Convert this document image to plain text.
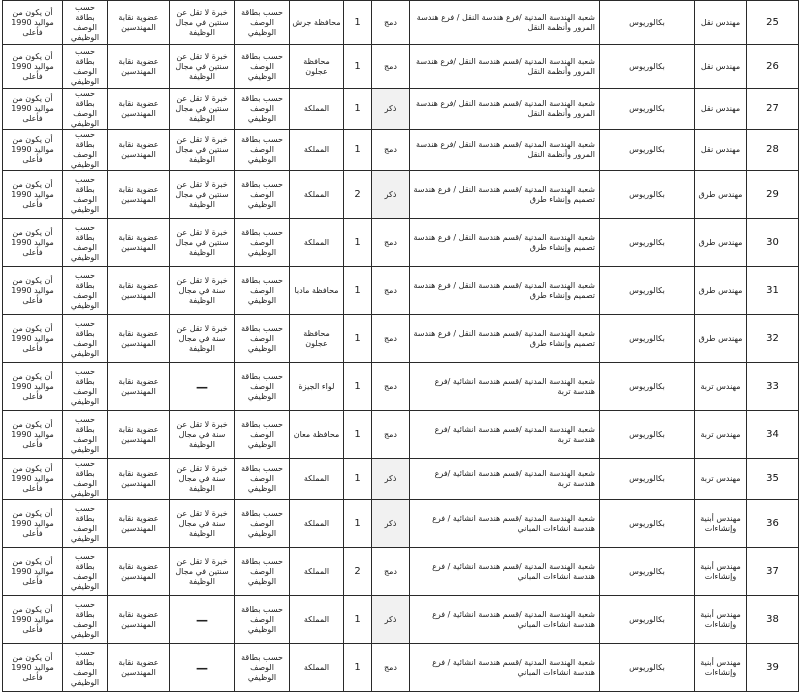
25	مهندس نقل	بكالوريوس	شعبة الهندسة المدنية /فرع هندسة النقل / فرع هندسة المرور وأنظمة النقل	دمج	1	محافظة جرش	حسب بطاقة الوصف الوظيفي	خبرة لا تقل عن سنتين في مجال الوظيفة	عضوية نقابة المهندسين	حسب بطاقة الوصف الوظيفي	أن يكون من مواليد 1990 فأعلى
26	مهندس نقل	بكالوريوس	شعبة الهندسة المدنية /قسم هندسة النقل /فرع هندسة المرور وأنظمة النقل	دمج	1	محافظة عجلون	حسب بطاقة الوصف الوظيفي	خبرة لا تقل عن سنتين في مجال الوظيفة	عضوية نقابة المهندسين	حسب بطاقة الوصف الوظيفي	أن يكون من مواليد 1990 فأعلى
27	مهندس نقل	بكالوريوس	شعبة الهندسة المدنية /قسم هندسة النقل /فرع هندسة المرور وأنظمة النقل	ذكر	1	المملكة	حسب بطاقة الوصف الوظيفي	خبرة لا تقل عن سنتين في مجال الوظيفة	عضوية نقابة المهندسين	حسب بطاقة الوصف الوظيفي	أن يكون من مواليد 1990 فأعلى
28	مهندس نقل	بكالوريوس	شعبة الهندسة المدنية /قسم هندسة النقل /فرع هندسة المرور وأنظمة النقل	دمج	1	المملكة	حسب بطاقة الوصف الوظيفي	خبرة لا تقل عن سنتين في مجال الوظيفة	عضوية نقابة المهندسين	حسب بطاقة الوصف الوظيفي	أن يكون من مواليد 1990 فأعلى
29	مهندس طرق	بكالوريوس	شعبة الهندسة المدنية /قسم هندسة النقل / فرع هندسة تصميم وإنشاء طرق	ذكر	2	المملكة	حسب بطاقة الوصف الوظيفي	خبرة لا تقل عن سنتين في مجال الوظيفة	عضوية نقابة المهندسين	حسب بطاقة الوصف الوظيفي	أن يكون من مواليد 1990 فأعلى
30	مهندس طرق	بكالوريوس	شعبة الهندسة المدنية /قسم هندسة النقل / فرع هندسة تصميم وإنشاء طرق	دمج	1	المملكة	حسب بطاقة الوصف الوظيفي	خبرة لا تقل عن سنتين في مجال الوظيفة	عضوية نقابة المهندسين	حسب بطاقة الوصف الوظيفي	أن يكون من مواليد 1990 فأعلى
31	مهندس طرق	بكالوريوس	شعبة الهندسة المدنية /قسم هندسة النقل / فرع هندسة تصميم وإنشاء طرق	دمج	1	محافظة مادبا	حسب بطاقة الوصف الوظيفي	خبرة لا تقل عن سنة في مجال الوظيفة	عضوية نقابة المهندسين	حسب بطاقة الوصف الوظيفي	أن يكون من مواليد 1990 فأعلى
32	مهندس طرق	بكالوريوس	شعبة الهندسة المدنية /قسم هندسة النقل / فرع هندسة تصميم وإنشاء طرق	دمج	1	محافظة عجلون	حسب بطاقة الوصف الوظيفي	خبرة لا تقل عن سنة في مجال الوظيفة	عضوية نقابة المهندسين	حسب بطاقة الوصف الوظيفي	أن يكون من مواليد 1990 فأعلى
33	مهندس تربة	بكالوريوس	شعبة الهندسة المدنية /قسم هندسة انشائية /فرع هندسة تربة	دمج	1	لواء الجيزة	حسب بطاقة الوصف الوظيفي	—	عضوية نقابة المهندسين	حسب بطاقة الوصف الوظيفي	أن يكون من مواليد 1990 فأعلى
34	مهندس تربة	بكالوريوس	شعبة الهندسة المدنية /قسم هندسة انشائية /فرع هندسة تربة	دمج	1	محافظة معان	حسب بطاقة الوصف الوظيفي	خبرة لا تقل عن سنة في مجال الوظيفة	عضوية نقابة المهندسين	حسب بطاقة الوصف الوظيفي	أن يكون من مواليد 1990 فأعلى
35	مهندس تربة	بكالوريوس	شعبة الهندسة المدنية /قسم هندسة انشائية /فرع هندسة تربة	ذكر	1	المملكة	حسب بطاقة الوصف الوظيفي	خبرة لا تقل عن سنة في مجال الوظيفة	عضوية نقابة المهندسين	حسب بطاقة الوصف الوظيفي	أن يكون من مواليد 1990 فأعلى
36	مهندس أبنية وإنشاءات	بكالوريوس	شعبة الهندسة المدنية /قسم هندسة انشائية / فرع هندسة انشاءات المباني	ذكر	1	المملكة	حسب بطاقة الوصف الوظيفي	خبرة لا تقل عن سنة في مجال الوظيفة	عضوية نقابة المهندسين	حسب بطاقة الوصف الوظيفي	أن يكون من مواليد 1990 فأعلى
37	مهندس أبنية وإنشاءات	بكالوريوس	شعبة الهندسة المدنية /قسم هندسة انشائية / فرع هندسة انشاءات المباني	دمج	2	المملكة	حسب بطاقة الوصف الوظيفي	خبرة لا تقل عن سنتين في مجال الوظيفة	عضوية نقابة المهندسين	حسب بطاقة الوصف الوظيفي	أن يكون من مواليد 1990 فأعلى
38	مهندس أبنية وإنشاءات	بكالوريوس	شعبة الهندسة المدنية /قسم هندسة انشائية / فرع هندسة انشاءات المباني	ذكر	1	المملكة	حسب بطاقة الوصف الوظيفي	—	عضوية نقابة المهندسين	حسب بطاقة الوصف الوظيفي	أن يكون من مواليد 1990 فأعلى
39	مهندس أبنية وإنشاءات	بكالوريوس	شعبة الهندسة المدنية /قسم هندسة انشائية / فرع هندسة انشاءات المباني	دمج	1	المملكة	حسب بطاقة الوصف الوظيفي	—	عضوية نقابة المهندسين	حسب بطاقة الوصف الوظيفي	أن يكون من مواليد 1990 فأعلى
